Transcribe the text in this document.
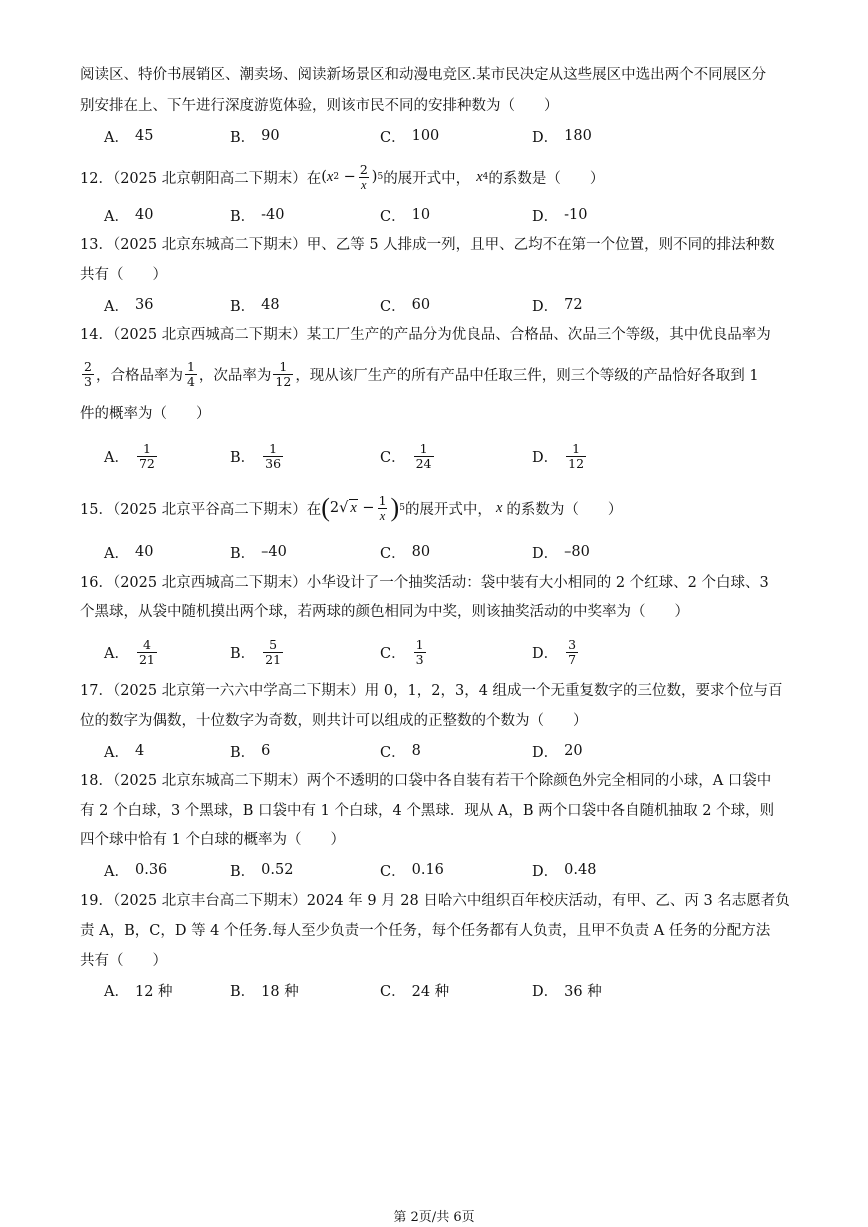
阅读区、特价书展销区、潮卖场、阅读新场景区和动漫电竞区.某市民决定从这些展区中选出两个不同展区分
别安排在上、下午进行深度游览体验，则该市民不同的安排种数为（　　）
A． 45	B． 90	C． 100	D． 180
12．（2025 北京朝阳高二下期末）在 ( x $2 - \frac{2}{x}$ ) 5 的展开式中， x 4 的系数是（　　）
A． 40	B． -40	C． 10	D． -10
13．（2025 北京东城高二下期末）甲、乙等 5 人排成一列，且甲、乙均不在第一个位置，则不同的排法种数
共有（　　）
A． 36	B． 48	C． 60	D． 72
14．（2025 北京西城高二下期末）某工厂生产的产品分为优良品、合格品、次品三个等级，其中优良品率为
$\frac{2}{3}$ ，合格品率为 $\frac{1}{4}$ ，次品率为 $\frac{1}{12}$ ，现从该厂生产的所有产品中任取三件，则三个等级的产品恰好各取到 1
件的概率为（　　）
A． $\frac{1}{72}$	B． $\frac{1}{36}$	C． $\frac{1}{24}$	D． $\frac{1}{12}$
15．（2025 北京平谷高二下期末）在 ( 2 √ $x - \frac{1}{x}$ ) 5 的展开式中， x 的系数为（　　）
A． 40	B． –40	C． 80	D． –80
16．（2025 北京西城高二下期末）小华设计了一个抽奖活动：袋中装有大小相同的 2 个红球、2 个白球、3
个黑球，从袋中随机摸出两个球，若两球的颜色相同为中奖，则该抽奖活动的中奖率为（　　）
A． $\frac{4}{21}$	B． $\frac{5}{21}$	C． $\frac{1}{3}$	D． $\frac{3}{7}$
17．（2025 北京第一六六中学高二下期末）用 0，1，2，3，4 组成一个无重复数字的三位数，要求个位与百
位的数字为偶数，十位数字为奇数，则共计可以组成的正整数的个数为（　　）
A． 4	B． 6	C． 8	D． 20
18．（2025 北京东城高二下期末）两个不透明的口袋中各自装有若干个除颜色外完全相同的小球，A 口袋中
有 2 个白球，3 个黑球，B 口袋中有 1 个白球，4 个黑球．现从 A，B 两个口袋中各自随机抽取 2 个球，则
四个球中恰有 1 个白球的概率为（　　）
A． 0.36	B． 0.52	C． 0.16	D． 0.48
19．（2025 北京丰台高二下期末）2024 年 9 月 28 日哈六中组织百年校庆活动，有甲、乙、丙 3 名志愿者负
责 A，B，C，D 等 4 个任务.每人至少负责一个任务，每个任务都有人负责，且甲不负责 A 任务的分配方法
共有（　　）
A． 12 种	B． 18 种	C． 24 种	D． 36 种
第 2页/共 6页
